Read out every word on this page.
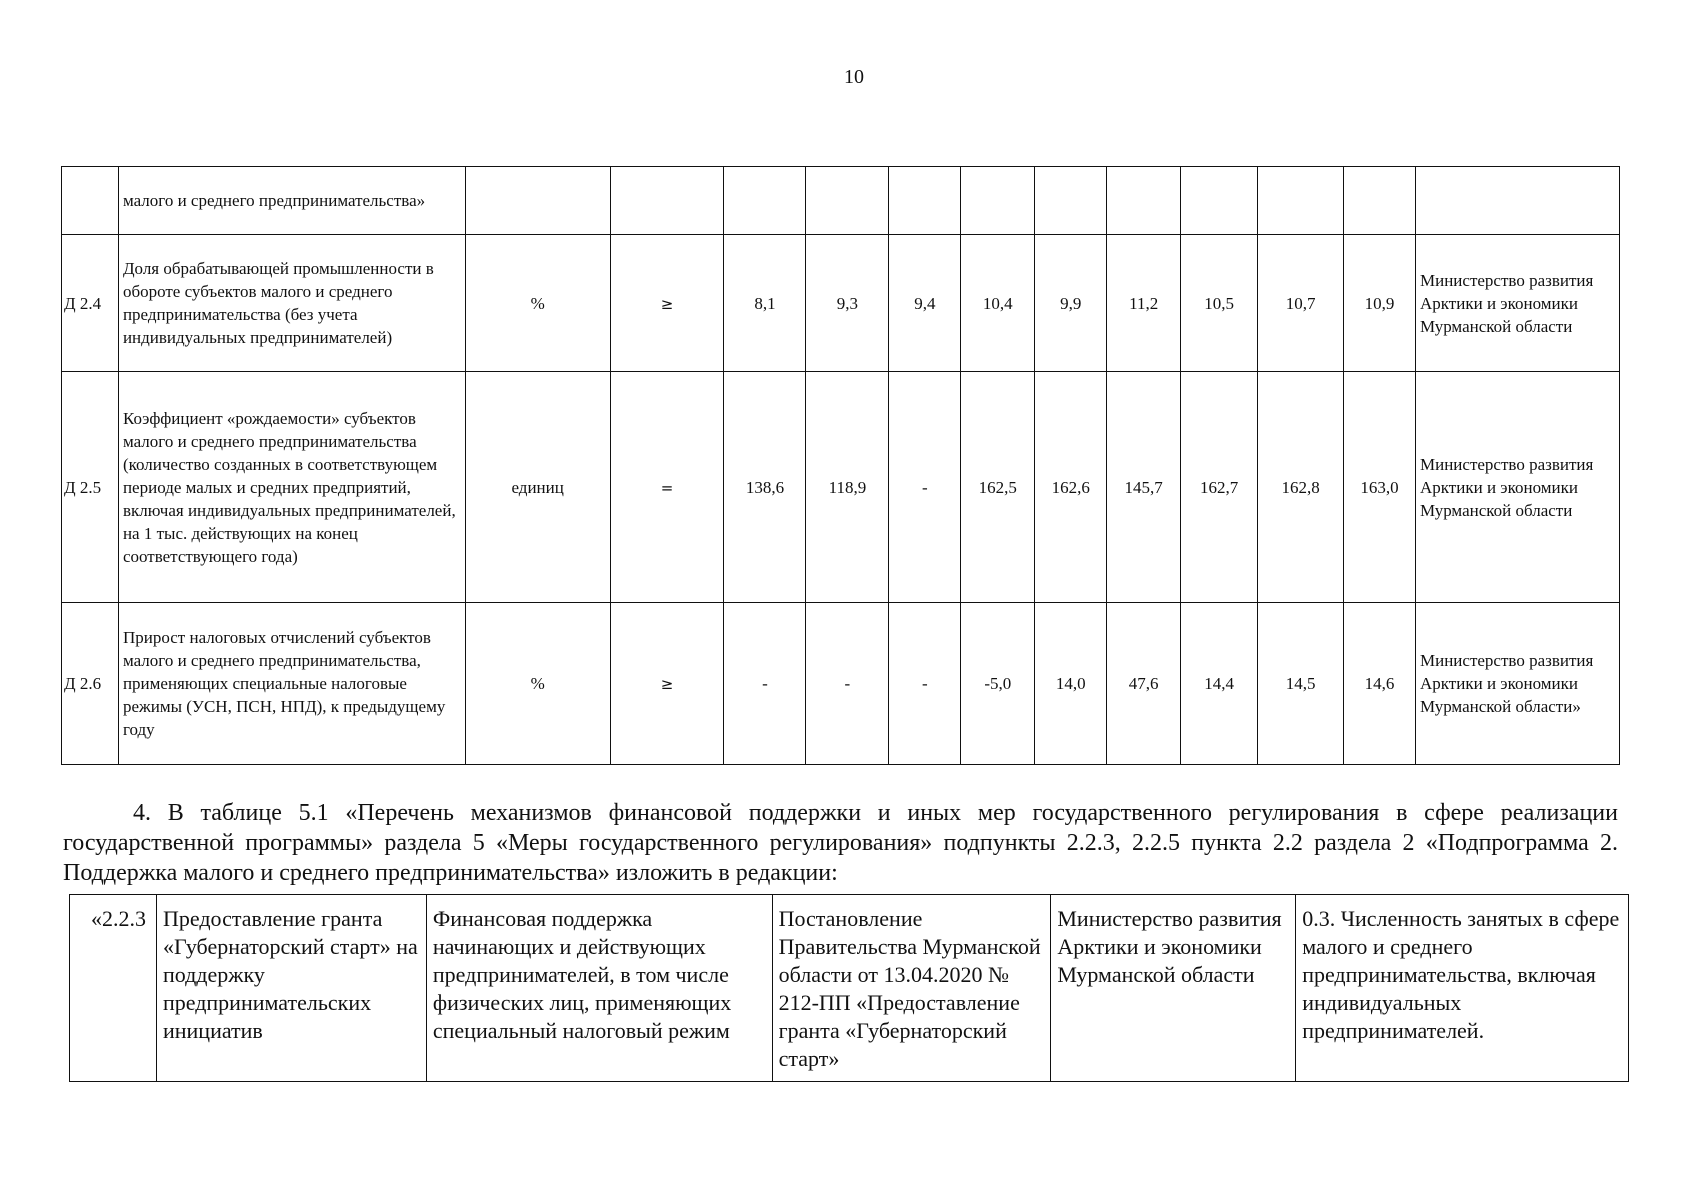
10
	малого и среднего предпринимательства»												
Д 2.4	Доля обрабатывающей промышленности в обороте субъектов малого и среднего предпринимательства (без учета индивидуальных предпринимателей)	%	≥	8,1	9,3	9,4	10,4	9,9	11,2	10,5	10,7	10,9	Министерство развития Арктики и экономики Мурманской области
Д 2.5	Коэффициент «рождаемости» субъектов малого и среднего предпринимательства (количество созданных в соответствующем периоде малых и средних предприятий, включая индивидуальных предпринимателей, на 1 тыс. действующих на конец соответствующего года)	единиц	=	138,6	118,9	-	162,5	162,6	145,7	162,7	162,8	163,0	Министерство развития Арктики и экономики Мурманской области
Д 2.6	Прирост налоговых отчислений субъектов малого и среднего предпринимательства, применяющих специальные налоговые режимы (УСН, ПСН, НПД), к предыдущему году	%	≥	-	-	-	-5,0	14,0	47,6	14,4	14,5	14,6	Министерство развития Арктики и экономики Мурманской области»
4. В таблице 5.1 «Перечень механизмов финансовой поддержки и иных мер государственного регулирования в сфере реализации государственной программы» раздела 5 «Меры государственного регулирования» подпункты 2.2.3, 2.2.5 пункта 2.2 раздела 2 «Подпрограмма 2. Поддержка малого и среднего предпринимательства» изложить в редакции:
«2.2.3	Предоставление гранта «Губернаторский старт» на поддержку предпринимательских инициатив	Финансовая поддержка начинающих и действующих предпринимателей, в том числе физических лиц, применяющих специальный налоговый режим	Постановление Правительства Мурманской области от 13.04.2020 № 212-ПП «Предоставление гранта «Губернаторский старт»	Министерство развития Арктики и экономики Мурманской области	0.3. Численность занятых в сфере малого и среднего предпринимательства, включая индивидуальных предпринимателей.
